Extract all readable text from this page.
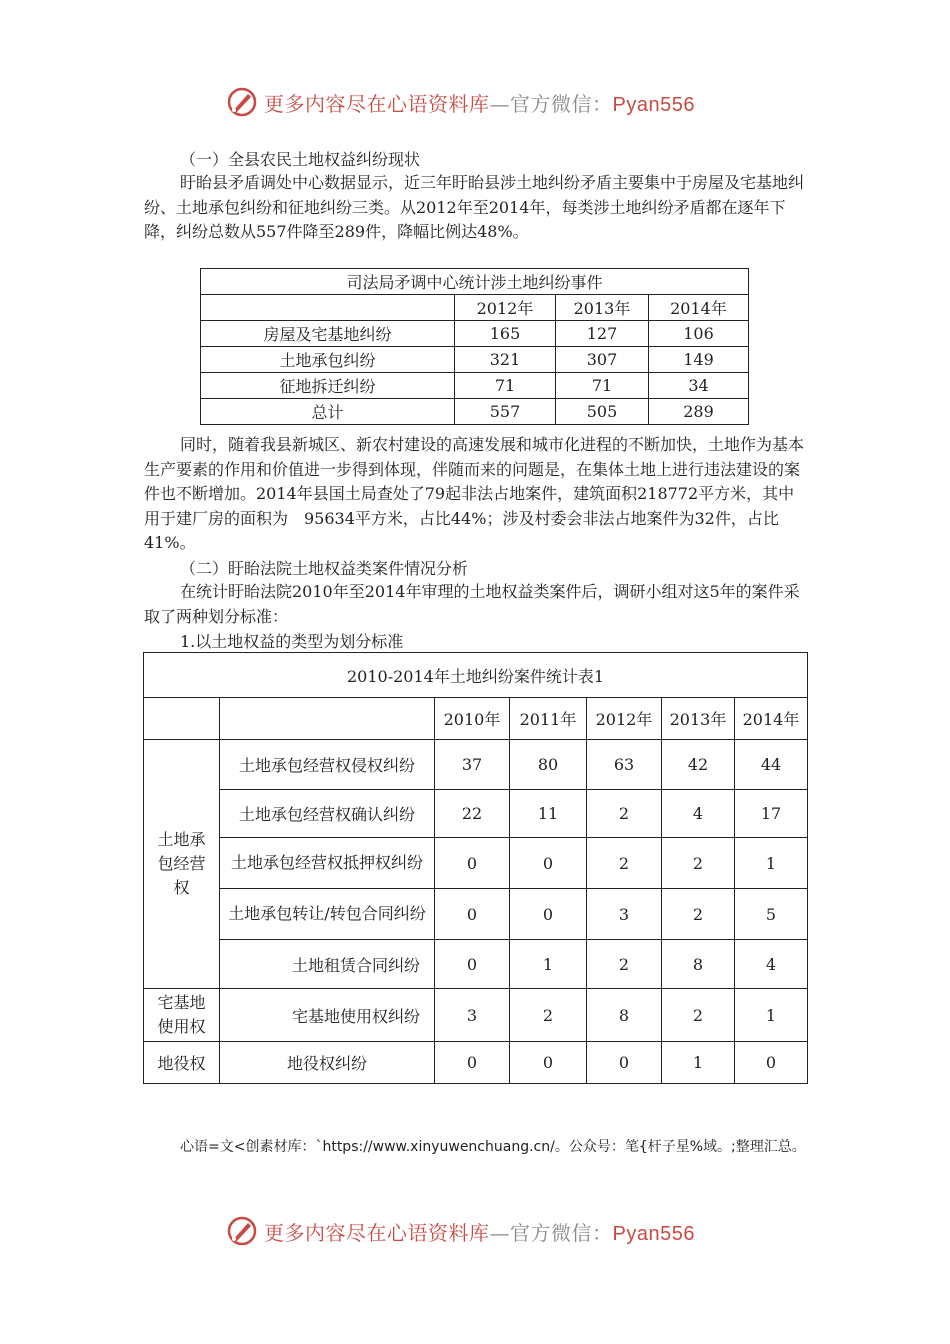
更多内容尽在心语资料库—官方微信：Pyan556
（一）全县农民土地权益纠纷现状

盱眙县矛盾调处中心数据显示，近三年盱眙县涉土地纠纷矛盾主要集中于房屋及宅基地纠纷、土地承包纠纷和征地纠纷三类。从2012年至2014年，每类涉土地纠纷矛盾都在逐年下降，纠纷总数从557件降至289件，降幅比例达48%。

司法局矛调中心统计涉土地纠纷事件			
	2012年	2013年	2014年
房屋及宅基地纠纷	165	127	106
土地承包纠纷	321	307	149
征地拆迁纠纷	71	71	34
总计	557	505	289

同时，随着我县新城区、新农村建设的高速发展和城市化进程的不断加快，土地作为基本生产要素的作用和价值进一步得到体现，伴随而来的问题是，在集体土地上进行违法建设的案件也不断增加。2014年县国土局查处了79起非法占地案件，建筑面积218772平方米，其中用于建厂房的面积为　95634平方米，占比44%；涉及村委会非法占地案件为32件，占比41%。

（二）盱眙法院土地权益类案件情况分析

在统计盱眙法院2010年至2014年审理的土地权益类案件后，调研小组对这5年的案件采取了两种划分标准：

1.以土地权益的类型为划分标准
2010-2014年土地纠纷案件统计表1						
		2010年	2011年	2012年	2013年	2014年
土地承包经营权	土地承包经营权侵权纠纷	37	80	63	42	44
	土地承包经营权确认纠纷	22	11	2	4	17
	土地承包经营权抵押权纠纷	0	0	2	2	1
	土地承包转让/转包合同纠纷	0	0	3	2	5
	土地租赁合同纠纷	0	1	2	8	4
宅基地使用权	宅基地使用权纠纷	3	2	8	2	1
地役权	地役权纠纷	0	0	0	1	0
心语=文<创素材库：`https://www.xinyuwenchuang.cn/。公众号：笔{杆子星%域。;整理汇总。
更多内容尽在心语资料库—官方微信：Pyan556
